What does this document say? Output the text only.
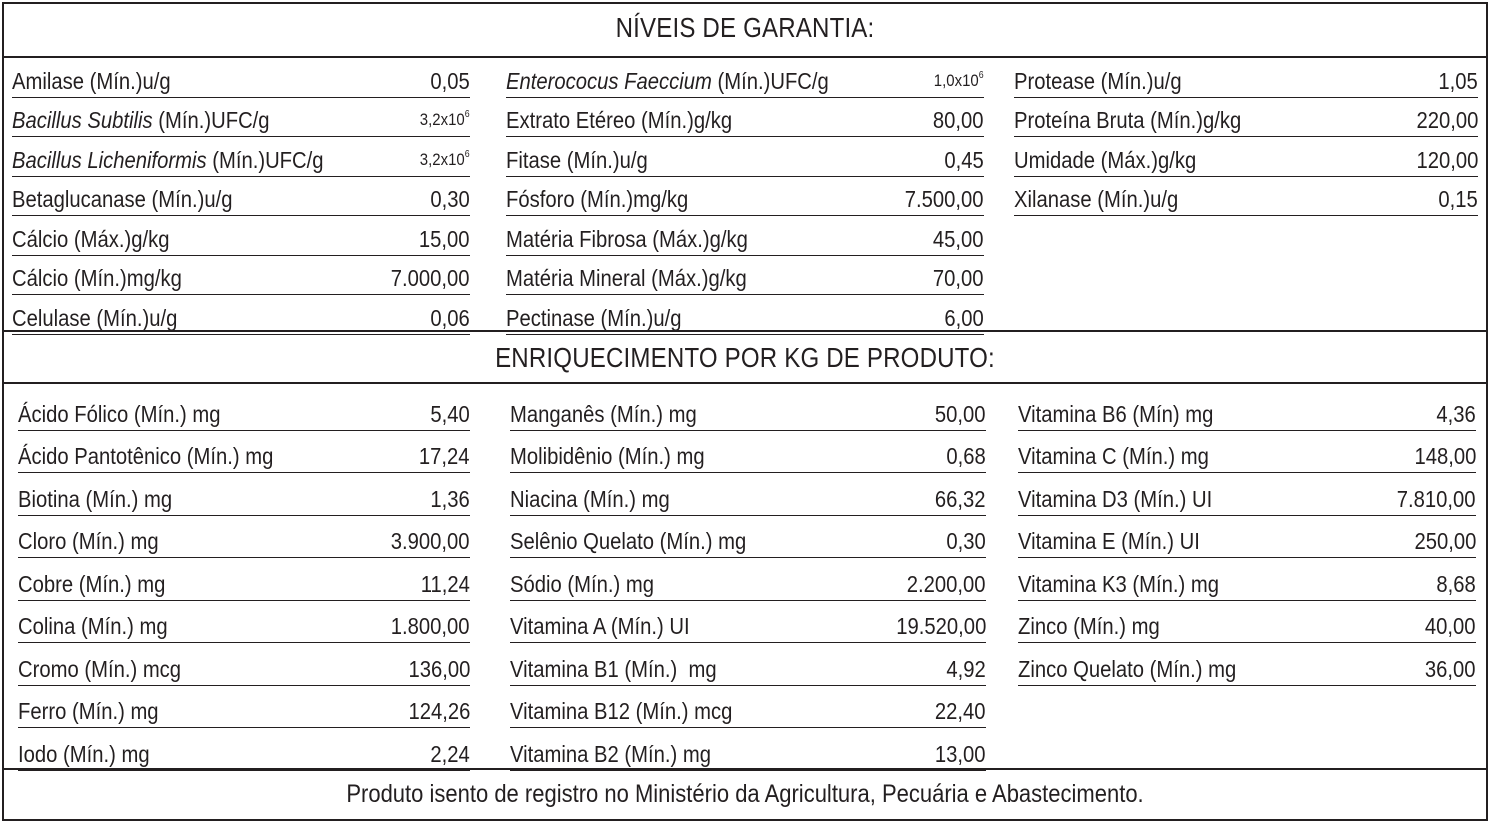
NÍVEIS DE GARANTIA:
Amilase (Mín.)u/g	0,05
Bacillus Subtilis (Mín.)UFC/g	$3,2x10^6$
Bacillus Licheniformis (Mín.)UFC/g	$3,2x10^6$
Betaglucanase (Mín.)u/g	0,30
Cálcio (Máx.)g/kg	15,00
Cálcio (Mín.)mg/kg	7.000,00
Celulase (Mín.)u/g	0,06
Enterococus Faeccium (Mín.)UFC/g	$1,0x10^6$
Extrato Etéreo (Mín.)g/kg	80,00
Fitase (Mín.)u/g	0,45
Fósforo (Mín.)mg/kg	7.500,00
Matéria Fibrosa (Máx.)g/kg	45,00
Matéria Mineral (Máx.)g/kg	70,00
Pectinase (Mín.)u/g	6,00
Protease (Mín.)u/g	1,05
Proteína Bruta (Mín.)g/kg	220,00
Umidade (Máx.)g/kg	120,00
Xilanase (Mín.)u/g	0,15
ENRIQUECIMENTO POR KG DE PRODUTO:
Ácido Fólico (Mín.) mg	5,40
Ácido Pantotênico (Mín.) mg	17,24
Biotina (Mín.) mg	1,36
Cloro (Mín.) mg	3.900,00
Cobre (Mín.) mg	11,24
Colina (Mín.) mg	1.800,00
Cromo (Mín.) mcg	136,00
Ferro (Mín.) mg	124,26
Iodo (Mín.) mg	2,24
Manganês (Mín.) mg	50,00
Molibidênio (Mín.) mg	0,68
Niacina (Mín.) mg	66,32
Selênio Quelato (Mín.) mg	0,30
Sódio (Mín.) mg	2.200,00
Vitamina A (Mín.) UI	19.520,00
Vitamina B1 (Mín.)  mg	4,92
Vitamina B12 (Mín.) mcg	22,40
Vitamina B2 (Mín.) mg	13,00
Vitamina B6 (Mín) mg	4,36
Vitamina C (Mín.) mg	148,00
Vitamina D3 (Mín.) UI	7.810,00
Vitamina E (Mín.) UI	250,00
Vitamina K3 (Mín.) mg	8,68
Zinco (Mín.) mg	40,00
Zinco Quelato (Mín.) mg	36,00
Produto isento de registro no Ministério da Agricultura, Pecuária e Abastecimento.
